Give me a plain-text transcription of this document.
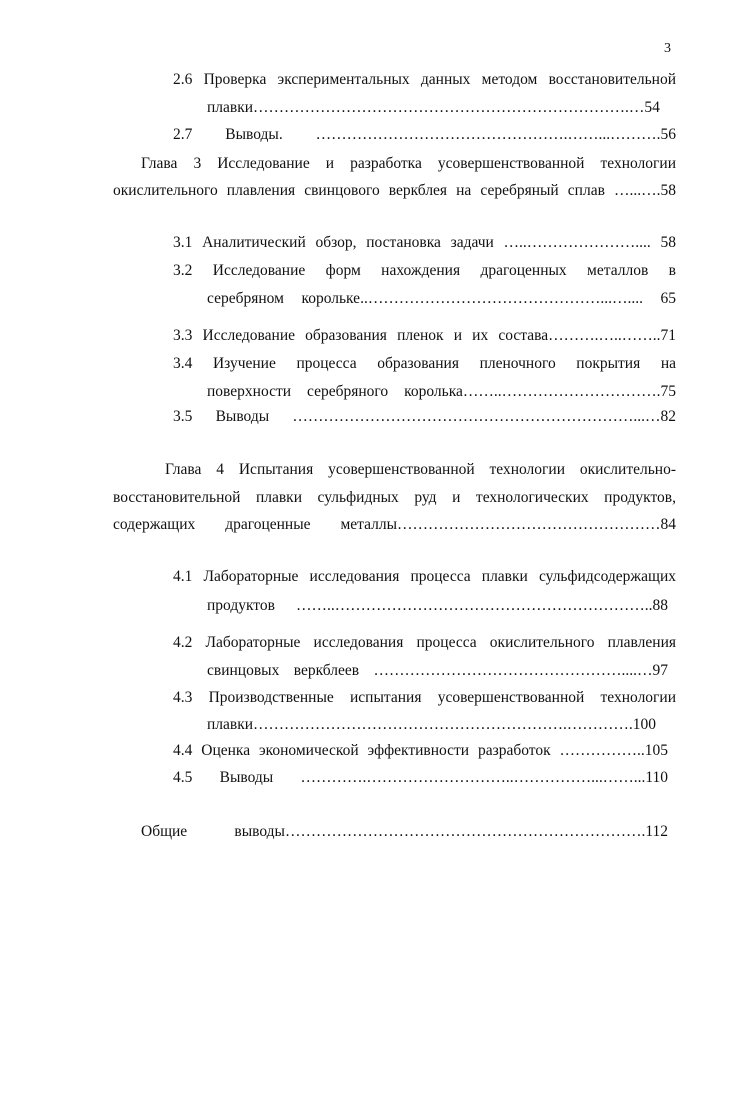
3
2.6 Проверка экспериментальных данных методом восстановительной
плавки……………………………………………………………….…54
2.7 Выводы. ………………………………………….……...……….56
Глава 3 Исследование и разработка усовершенствованной технологии
окислительного плавления свинцового веркблея на серебряный сплав …...….58
3.1 Аналитический обзор, постановка задачи …..………………….... 58
3.2 Исследование форм нахождения драгоценных металлов в
серебряном корольке..………………………………………...….... 65
3.3 Исследование образования пленок и их состава……….…..……..71
3.4 Изучение процесса образования пленочного покрытия на
поверхности серебряного королька……..………………………….75
3.5 Выводы …………………………………………………………...…82
Глава 4 Испытания усовершенствованной технологии окислительно-
восстановительной плавки сульфидных руд и технологических продуктов,
содержащих драгоценные металлы……………………………………………84
4.1 Лабораторные исследования процесса плавки сульфидсодержащих
продуктов ……..……………………………………………………..88
4.2 Лабораторные исследования процесса окислительного плавления
свинцовых веркблеев …………………………………………....…97
4.3 Производственные испытания усовершенствованной технологии
плавки…………………………………………………….………….100
4.4 Оценка экономической эффективности разработок ……………..105
4.5 Выводы ………….………………………..……………...……...110
Общие выводы…………………………………………………………….112
